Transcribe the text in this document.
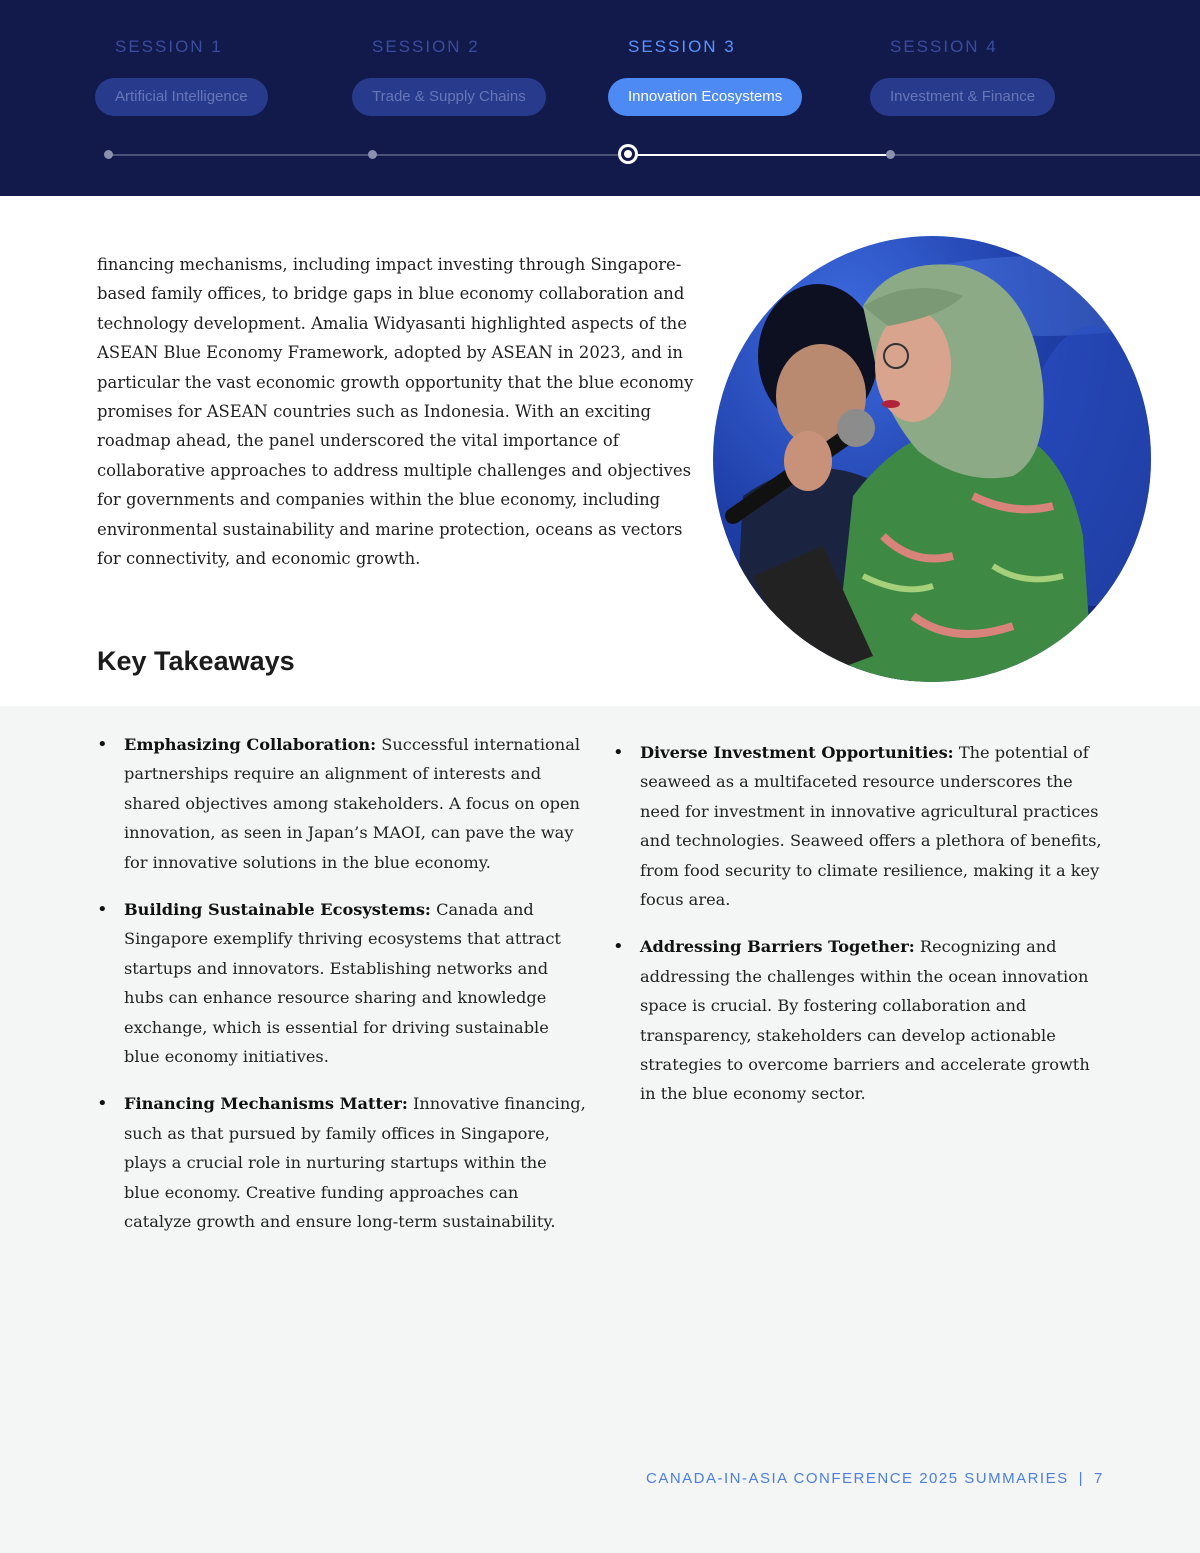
SESSION 1
Artificial Intelligence
SESSION 2
Trade & Supply Chains
SESSION 3
Innovation Ecosystems
SESSION 4
Investment & Finance

financing mechanisms, including impact investing through Singapore-based family offices, to bridge gaps in blue economy collaboration and technology development. Amalia Widyasanti highlighted aspects of the ASEAN Blue Economy Framework, adopted by ASEAN in 2023, and in particular the vast economic growth opportunity that the blue economy promises for ASEAN countries such as Indonesia. With an exciting roadmap ahead, the panel underscored the vital importance of collaborative approaches to address multiple challenges and objectives for governments and companies within the blue economy, including environmental sustainability and marine protection, oceans as vectors for connectivity, and economic growth.

Key Takeaways
• Emphasizing Collaboration: Successful international partnerships require an alignment of interests and shared objectives among stakeholders. A focus on open innovation, as seen in Japan’s MAOI, can pave the way for innovative solutions in the blue economy.
• Building Sustainable Ecosystems: Canada and Singapore exemplify thriving ecosystems that attract startups and innovators. Establishing networks and hubs can enhance resource sharing and knowledge exchange, which is essential for driving sustainable blue economy initiatives.
• Financing Mechanisms Matter: Innovative financing, such as that pursued by family offices in Singapore, plays a crucial role in nurturing startups within the blue economy. Creative funding approaches can catalyze growth and ensure long-term sustainability.
• Diverse Investment Opportunities: The potential of seaweed as a multifaceted resource underscores the need for investment in innovative agricultural practices and technologies. Seaweed offers a plethora of benefits, from food security to climate resilience, making it a key focus area.
• Addressing Barriers Together: Recognizing and addressing the challenges within the ocean innovation space is crucial. By fostering collaboration and transparency, stakeholders can develop actionable strategies to overcome barriers and accelerate growth in the blue economy sector.
CANADA-IN-ASIA CONFERENCE 2025 SUMMARIES | 7
